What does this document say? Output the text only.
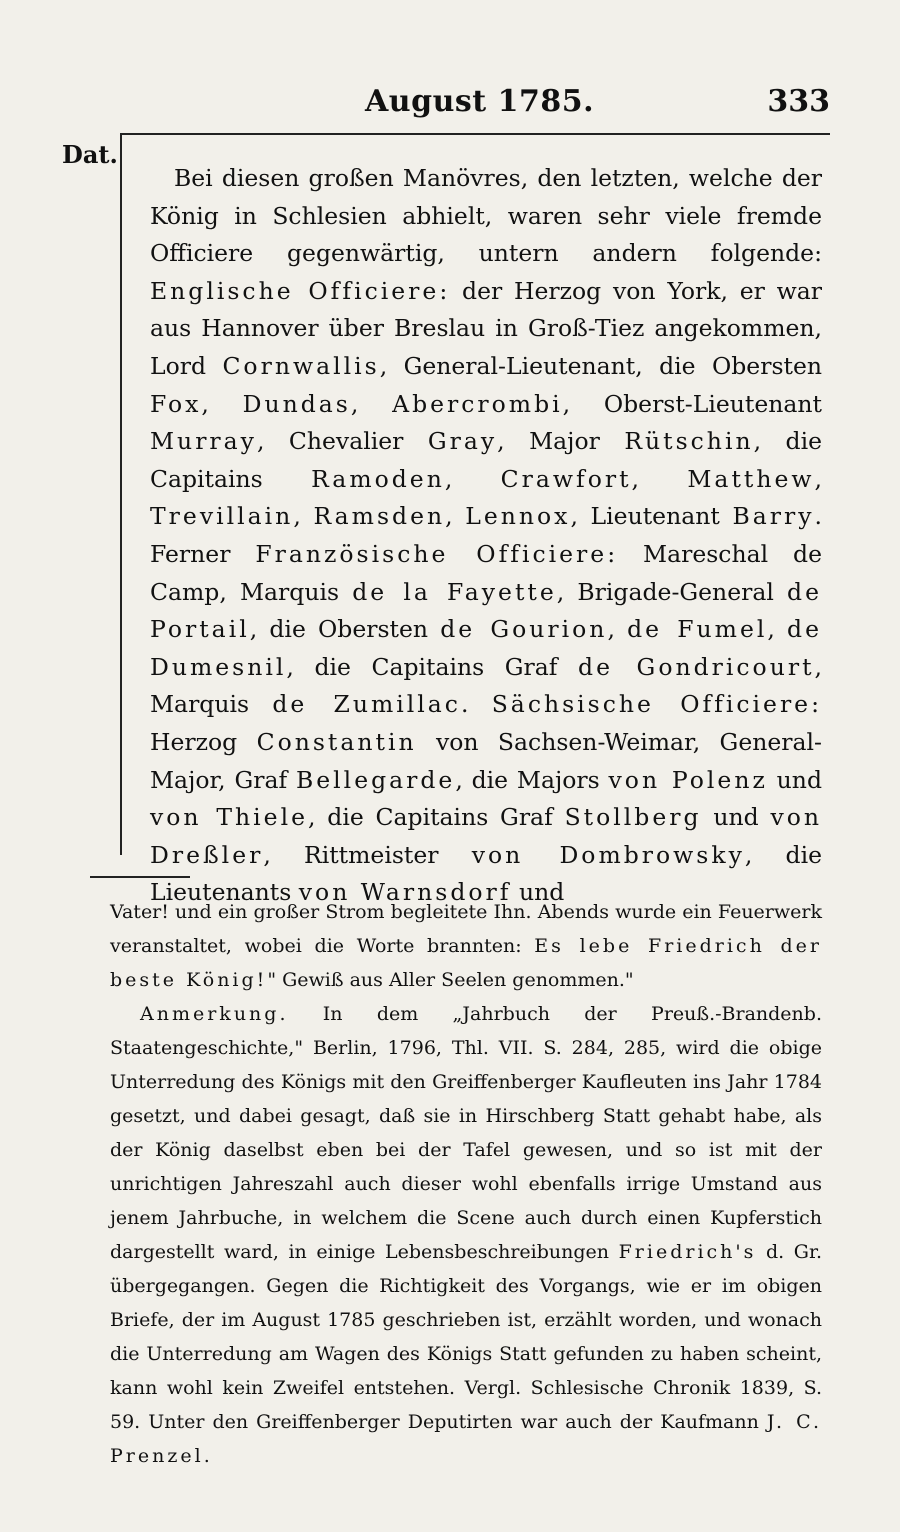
August 1785.	333
Dat.
Bei diesen großen Manövres, den letzten, welche der König in Schlesien abhielt, waren sehr viele fremde Officiere gegenwärtig, untern andern folgende: Englische Officiere: der Herzog von York, er war aus Hannover über Breslau in Groß-Tiez angekommen, Lord Cornwallis, General-Lieutenant, die Obersten Fox, Dundas, Abercrombi, Oberst-Lieutenant Murray, Chevalier Gray, Major Rütschin, die Capitains Ramoden, Crawfort, Matthew, Trevillain, Ramsden, Lennox, Lieutenant Barry. Ferner Französische Officiere: Mareschal de Camp, Marquis de la Fayette, Brigade-General de Portail, die Obersten de Gourion, de Fumel, de Dumesnil, die Capitains Graf de Gondricourt, Marquis de Zumillac. Sächsische Officiere: Herzog Constantin von Sachsen-Weimar, General-Major, Graf Bellegarde, die Majors von Polenz und von Thiele, die Capitains Graf Stollberg und von Dreßler, Rittmeister von Dombrowsky, die Lieutenants von Warnsdorf und

Vater! und ein großer Strom begleitete Ihn. Abends wurde ein Feuerwerk veranstaltet, wobei die Worte brannten: Es lebe Friedrich der beste König!" Gewiß aus Aller Seelen genommen."

Anmerkung. In dem „Jahrbuch der Preuß.-Brandenb. Staatengeschichte," Berlin, 1796, Thl. VII. S. 284, 285, wird die obige Unterredung des Königs mit den Greiffenberger Kaufleuten ins Jahr 1784 gesetzt, und dabei gesagt, daß sie in Hirschberg Statt gehabt habe, als der König daselbst eben bei der Tafel gewesen, und so ist mit der unrichtigen Jahreszahl auch dieser wohl ebenfalls irrige Umstand aus jenem Jahrbuche, in welchem die Scene auch durch einen Kupferstich dargestellt ward, in einige Lebensbeschreibungen Friedrich's d. Gr. übergegangen. Gegen die Richtigkeit des Vorgangs, wie er im obigen Briefe, der im August 1785 geschrieben ist, erzählt worden, und wonach die Unterredung am Wagen des Königs Statt gefunden zu haben scheint, kann wohl kein Zweifel entstehen. Vergl. Schlesische Chronik 1839, S. 59. Unter den Greiffenberger Deputirten war auch der Kaufmann J. C. Prenzel.
